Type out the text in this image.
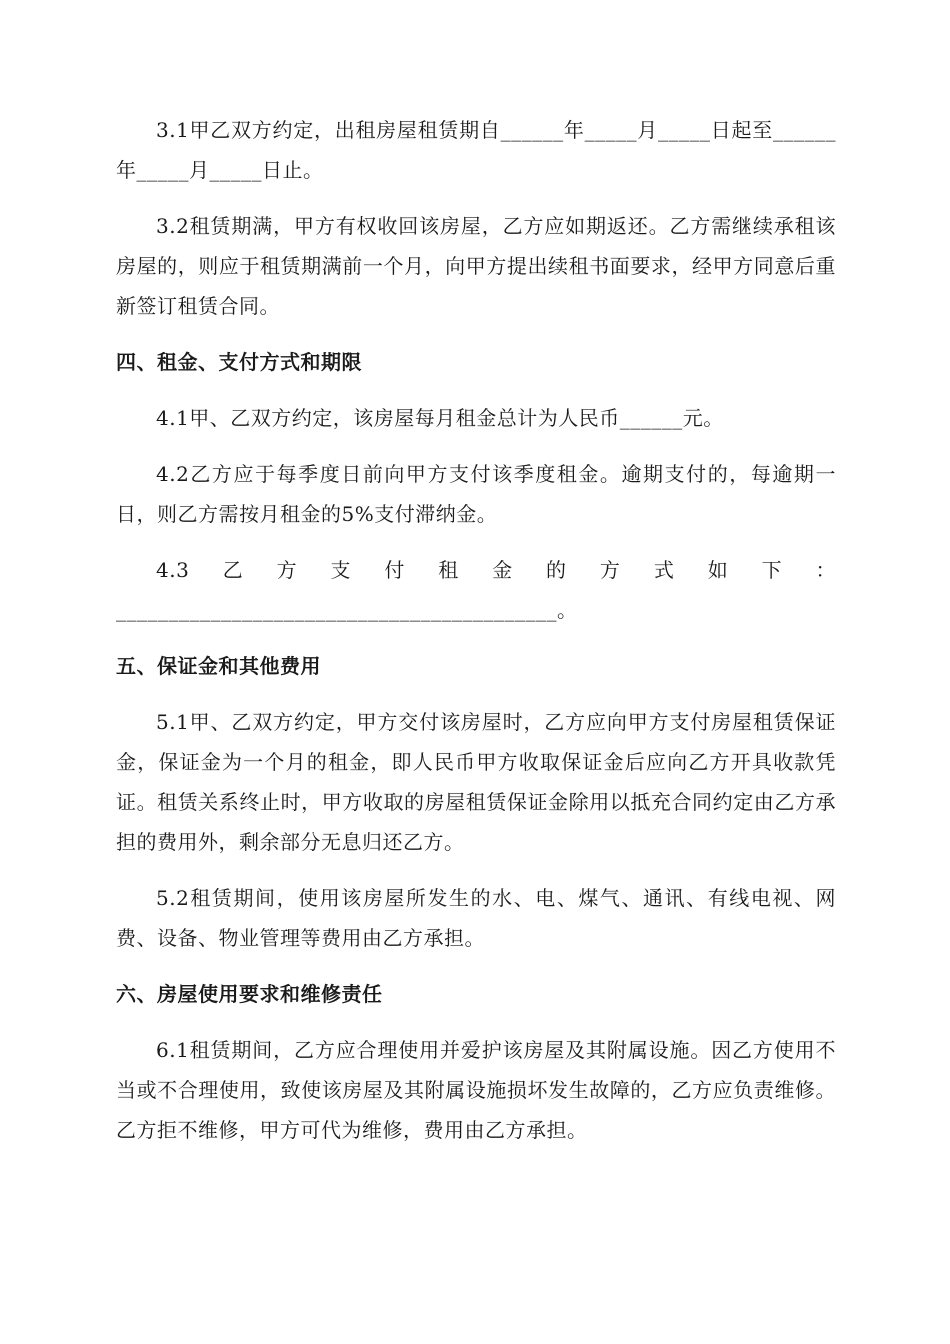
3.1甲乙双方约定，出租房屋租赁期自______年_____月_____日起至______年_____月_____日止。

3.2租赁期满，甲方有权收回该房屋，乙方应如期返还。乙方需继续承租该房屋的，则应于租赁期满前一个月，向甲方提出续租书面要求，经甲方同意后重新签订租赁合同。

四、租金、支付方式和期限

4.1甲、乙双方约定，该房屋每月租金总计为人民币______元。

4.2乙方应于每季度日前向甲方支付该季度租金。逾期支付的，每逾期一日，则乙方需按月租金的5%支付滞纳金。

4.3乙方支付租金的方式如下：__________________________________________。

五、保证金和其他费用

5.1甲、乙双方约定，甲方交付该房屋时，乙方应向甲方支付房屋租赁保证金，保证金为一个月的租金，即人民币甲方收取保证金后应向乙方开具收款凭证。租赁关系终止时，甲方收取的房屋租赁保证金除用以抵充合同约定由乙方承担的费用外，剩余部分无息归还乙方。

5.2租赁期间，使用该房屋所发生的水、电、煤气、通讯、有线电视、网费、设备、物业管理等费用由乙方承担。

六、房屋使用要求和维修责任

6.1租赁期间，乙方应合理使用并爱护该房屋及其附属设施。因乙方使用不当或不合理使用，致使该房屋及其附属设施损坏发生故障的，乙方应负责维修。乙方拒不维修，甲方可代为维修，费用由乙方承担。
